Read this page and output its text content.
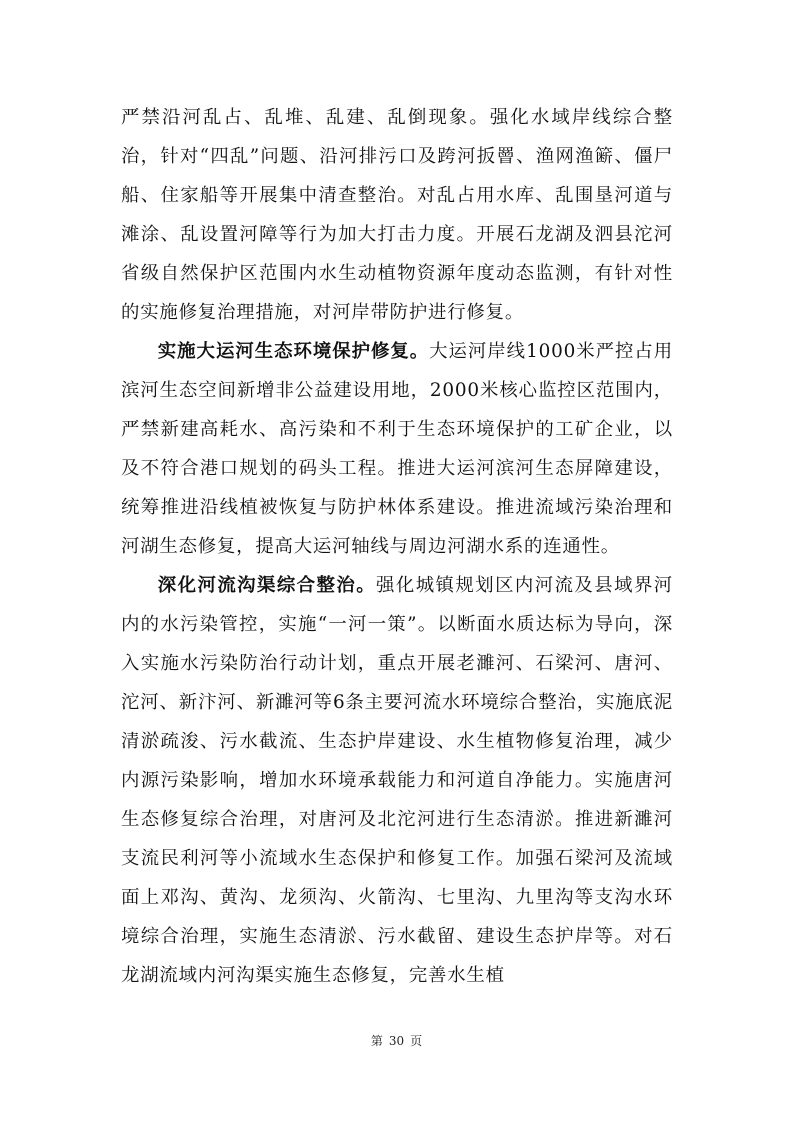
严禁沿河乱占、乱堆、乱建、乱倒现象。强化水域岸线综合整治，针对“四乱”问题、沿河排污口及跨河扳罾、渔网渔簖、僵尸船、住家船等开展集中清查整治。对乱占用水库、乱围垦河道与滩涂、乱设置河障等行为加大打击力度。开展石龙湖及泗县沱河省级自然保护区范围内水生动植物资源年度动态监测，有针对性的实施修复治理措施，对河岸带防护进行修复。

实施大运河生态环境保护修复。大运河岸线1000米严控占用滨河生态空间新增非公益建设用地，2000米核心监控区范围内，严禁新建高耗水、高污染和不利于生态环境保护的工矿企业，以及不符合港口规划的码头工程。推进大运河滨河生态屏障建设，统筹推进沿线植被恢复与防护林体系建设。推进流域污染治理和河湖生态修复，提高大运河轴线与周边河湖水系的连通性。

深化河流沟渠综合整治。强化城镇规划区内河流及县域界河内的水污染管控，实施“一河一策”。以断面水质达标为导向，深入实施水污染防治行动计划，重点开展老濉河、石梁河、唐河、沱河、新汴河、新濉河等6条主要河流水环境综合整治，实施底泥清淤疏浚、污水截流、生态护岸建设、水生植物修复治理，减少内源污染影响，增加水环境承载能力和河道自净能力。实施唐河生态修复综合治理，对唐河及北沱河进行生态清淤。推进新濉河支流民利河等小流域水生态保护和修复工作。加强石梁河及流域面上邓沟、黄沟、龙须沟、火箭沟、七里沟、九里沟等支沟水环境综合治理，实施生态清淤、污水截留、建设生态护岸等。对石龙湖流域内河沟渠实施生态修复，完善水生植

第 30 页
